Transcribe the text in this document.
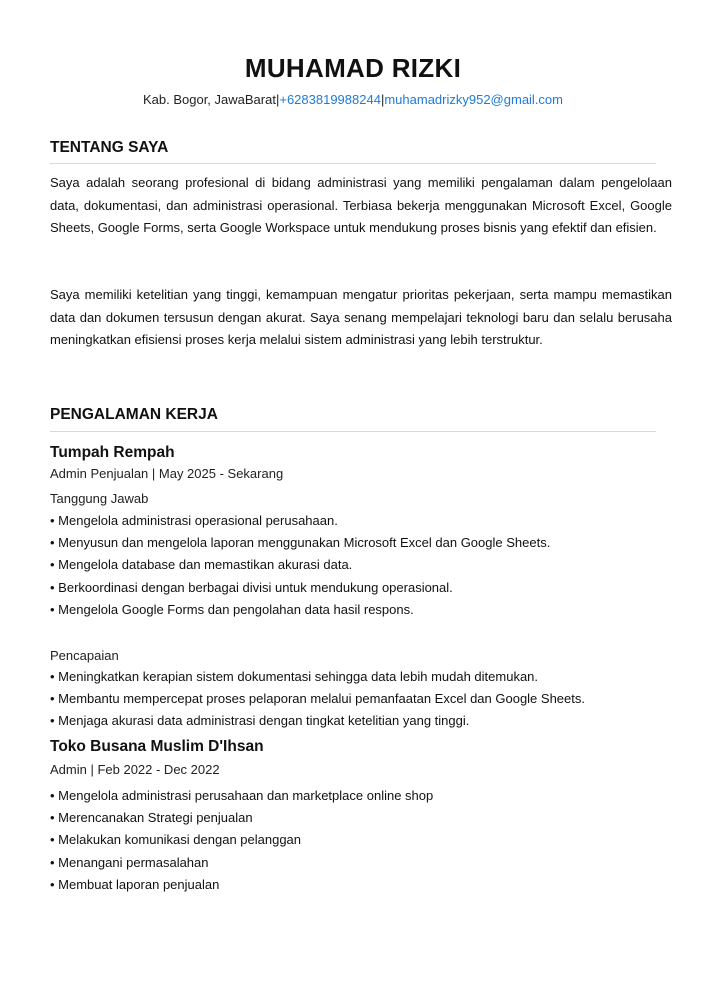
MUHAMAD RIZKI
Kab. Bogor, JawaBarat|+6283819988244|muhamadrizky952@gmail.com
TENTANG SAYA

Saya adalah seorang profesional di bidang administrasi yang memiliki pengalaman dalam pengelolaan data, dokumentasi, dan administrasi operasional. Terbiasa bekerja menggunakan Microsoft Excel, Google Sheets, Google Forms, serta Google Workspace untuk mendukung proses bisnis yang efektif dan efisien.

Saya memiliki ketelitian yang tinggi, kemampuan mengatur prioritas pekerjaan, serta mampu memastikan data dan dokumen tersusun dengan akurat. Saya senang mempelajari teknologi baru dan selalu berusaha meningkatkan efisiensi proses kerja melalui sistem administrasi yang lebih terstruktur.

PENGALAMAN KERJA
Tumpah Rempah
Admin Penjualan | May 2025 - Sekarang
Tanggung Jawab
• Mengelola administrasi operasional perusahaan.
• Menyusun dan mengelola laporan menggunakan Microsoft Excel dan Google Sheets.
• Mengelola database dan memastikan akurasi data.
• Berkoordinasi dengan berbagai divisi untuk mendukung operasional.
• Mengelola Google Forms dan pengolahan data hasil respons.
Pencapaian
• Meningkatkan kerapian sistem dokumentasi sehingga data lebih mudah ditemukan.
• Membantu mempercepat proses pelaporan melalui pemanfaatan Excel dan Google Sheets.
• Menjaga akurasi data administrasi dengan tingkat ketelitian yang tinggi.
Toko Busana Muslim D'Ihsan
Admin | Feb 2022 - Dec 2022
• Mengelola administrasi perusahaan dan marketplace online shop
• Merencanakan Strategi penjualan
• Melakukan komunikasi dengan pelanggan
• Menangani permasalahan
• Membuat laporan penjualan
